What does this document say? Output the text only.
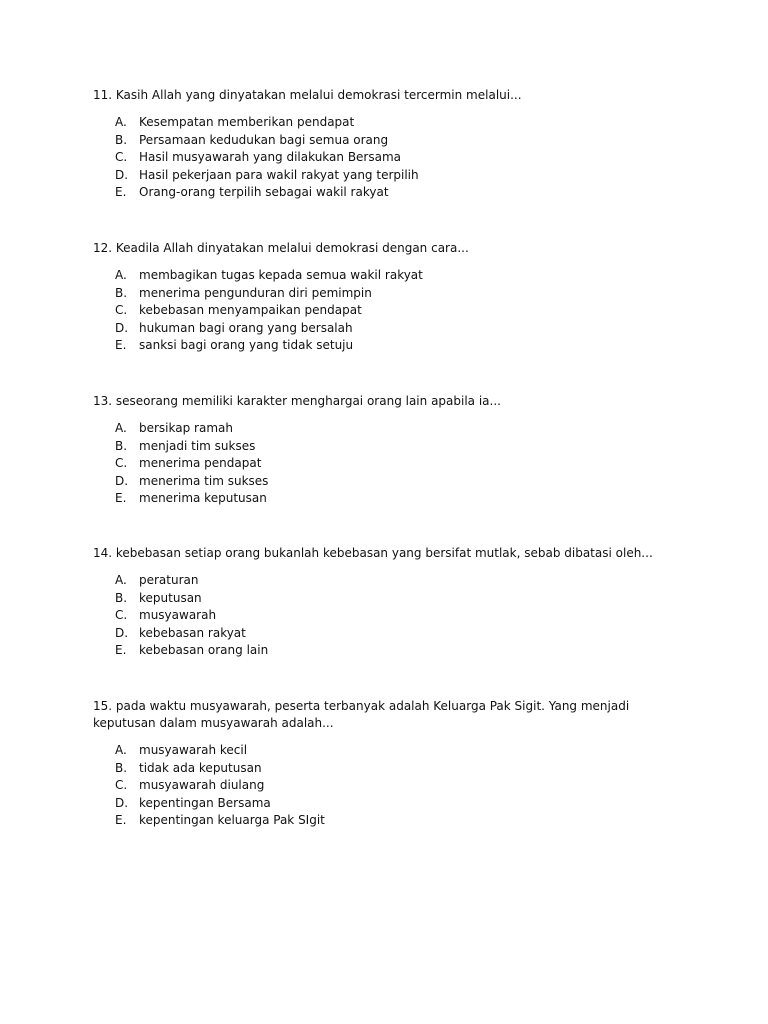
11. Kasih Allah yang dinyatakan melalui demokrasi tercermin melalui...
A.	Kesempatan memberikan pendapat
B. Persamaan kedudukan bagi semua orang
C. Hasil musyawarah yang dilakukan Bersama
D. Hasil pekerjaan para wakil rakyat yang terpilih
E.	Orang-orang terpilih sebagai wakil rakyat
12. Keadila Allah dinyatakan melalui demokrasi dengan cara...
A.	membagikan tugas kepada semua wakil rakyat
B. menerima pengunduran diri pemimpin
C. kebebasan menyampaikan pendapat
D. hukuman bagi orang yang bersalah
E.	sanksi bagi orang yang tidak setuju
13. seseorang memiliki karakter menghargai orang lain apabila ia...
A.	bersikap ramah
B. menjadi tim sukses
C. menerima pendapat
D. menerima tim sukses
E.	menerima keputusan
14. kebebasan setiap orang bukanlah kebebasan yang bersifat mutlak, sebab dibatasi oleh...
A.	peraturan
B. keputusan
C. musyawarah
D. kebebasan rakyat
E.	kebebasan orang lain
15. pada waktu musyawarah, peserta terbanyak adalah Keluarga Pak Sigit. Yang menjadi keputusan dalam musyawarah adalah...
A.	musyawarah kecil
B. tidak ada keputusan
C. musyawarah diulang
D. kepentingan Bersama
E.	kepentingan keluarga Pak SIgit
